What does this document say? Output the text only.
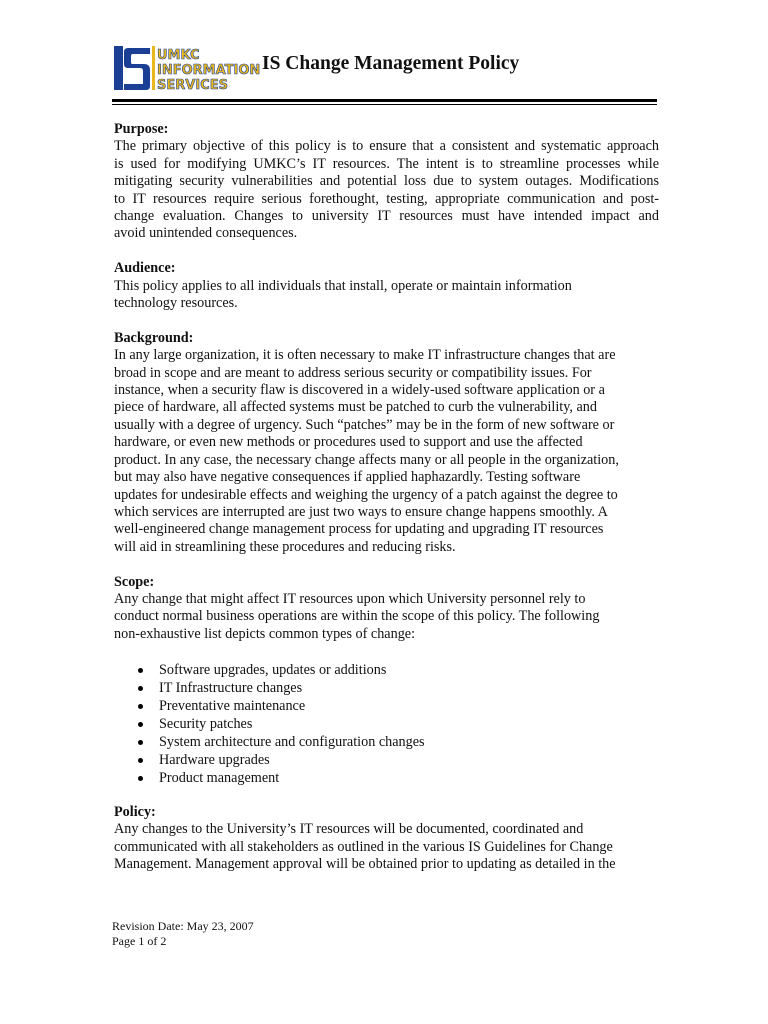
UMKC
INFORMATION
SERVICES
IS Change Management Policy

Purpose:

The primary objective of this policy is to ensure that a consistent and systematic approach
is used for modifying UMKC’s IT resources. The intent is to streamline processes while
mitigating security vulnerabilities and potential loss due to system outages. Modifications
to IT resources require serious forethought, testing, appropriate communication and post-
change evaluation. Changes to university IT resources must have intended impact and
avoid unintended consequences.

Audience:

This policy applies to all individuals that install, operate or maintain information
technology resources.

Background:

In any large organization, it is often necessary to make IT infrastructure changes that are
broad in scope and are meant to address serious security or compatibility issues. For
instance, when a security flaw is discovered in a widely-used software application or a
piece of hardware, all affected systems must be patched to curb the vulnerability, and
usually with a degree of urgency. Such “patches” may be in the form of new software or
hardware, or even new methods or procedures used to support and use the affected
product. In any case, the necessary change affects many or all people in the organization,
but may also have negative consequences if applied haphazardly. Testing software
updates for undesirable effects and weighing the urgency of a patch against the degree to
which services are interrupted are just two ways to ensure change happens smoothly. A
well-engineered change management process for updating and upgrading IT resources
will aid in streamlining these procedures and reducing risks.

Scope:

Any change that might affect IT resources upon which University personnel rely to
conduct normal business operations are within the scope of this policy. The following
non-exhaustive list depicts common types of change:
Software upgrades, updates or additions
IT Infrastructure changes
Preventative maintenance
Security patches
System architecture and configuration changes
Hardware upgrades
Product management

Policy:

Any changes to the University’s IT resources will be documented, coordinated and
communicated with all stakeholders as outlined in the various IS Guidelines for Change
Management. Management approval will be obtained prior to updating as detailed in the
Revision Date: May 23, 2007
Page 1 of 2
